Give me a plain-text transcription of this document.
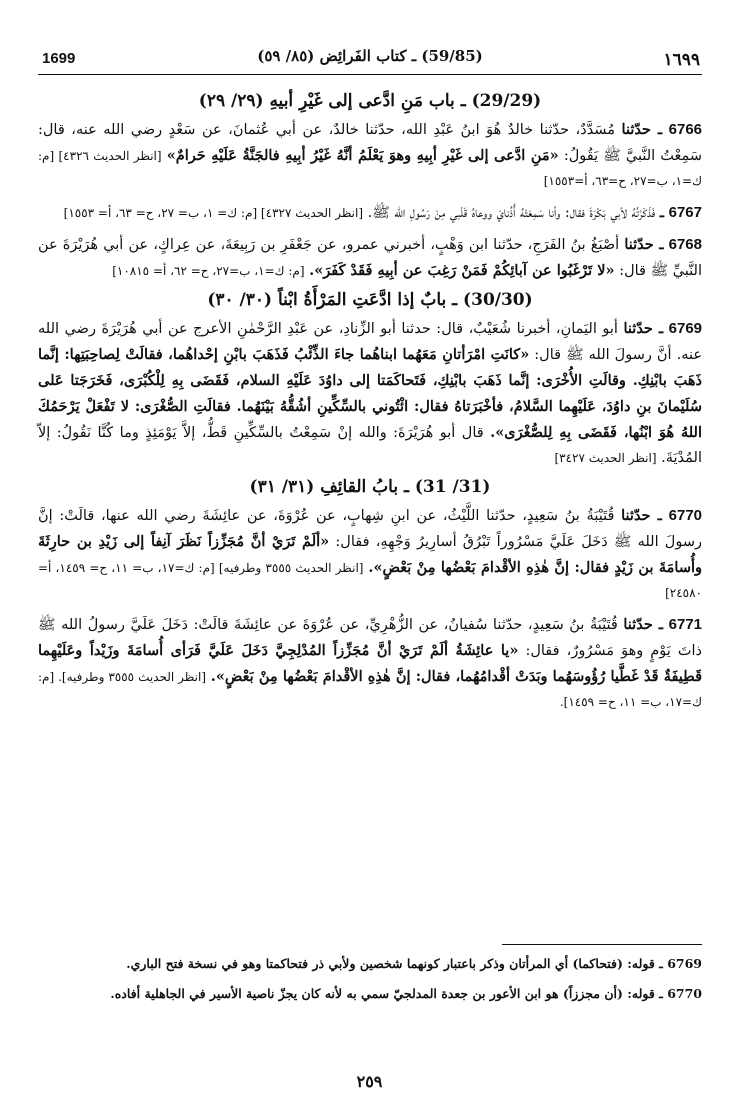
1699	(59/85) ـ كتاب الفَرائِض (٨٥/ ٥٩)	١٦٩٩
(29/29) ـ باب مَنِ ادَّعى إلى غَيْرِ أبيهِ (٢٩/ ٢٩)

6766 ـ حدّثنا مُسَدَّدٌ، حدّثنا خالدٌ هُوَ ابنُ عَبْدِ الله، حدّثنا خالدٌ، عن أبي عُثمانَ، عن سَعْدٍ رضي الله عنه، قال: سَمِعْتُ النَّبيَّ ﷺ يَقُولُ: «مَنِ ادَّعى إلى غَيْرِ أبِيهِ وهوَ يَعْلَمُ أنَّهُ غَيْرُ أبِيهِ فالجَنَّةُ عَلَيْهِ حَرامٌ» [انظر الحديث ٤٣٢٦] [م: ك=١، ب=٢٧، ح=٦٣، أ=١٥٥٣]

6767 ـ فَذَكَرْتُهُ لأبي بَكْرَةَ فقال: وأنا سَمِعَتْهُ أُذُنايَ ووعاهُ قَلْبي مِنْ رَسُولِ الله ﷺ. [انظر الحديث ٤٣٢٧] [م: ك= ١، ب= ٢٧، ح= ٦٣، أ= ١٥٥٣]

6768 ـ حدّثنا أصْبَغُ بنُ الفَرَجِ، حدّثنا ابن وَهْبٍ، أخبرني عمرو، عن جَعْفَرِ بن رَبِيعَةَ، عن عِراكٍ، عن أبي هُرَيْرَةَ عن النَّبيِّ ﷺ قال: «لا تَرْغَبُوا عن آبائِكُمْ فَمَنْ رَغِبَ عن أبِيهِ فَقَدْ كَفَرَ». [م: ك=١، ب=٢٧، ح= ٦٢، أ= ١٠٨١٥]

(30/30) ـ بابٌ إذا ادَّعَتِ المَرْأَةُ ابْناً (٣٠/ ٣٠)

6769 ـ حدّثنا أبو اليَمانِ، أخبرنا شُعَيْبٌ، قال: حدثنا أبو الزِّنادِ، عن عَبْدِ الرَّحْمٰنِ الأعرج عن أبي هُرَيْرَةَ رضي الله عنه. أنَّ رسولَ الله ﷺ قال: «كانَتِ امْرَأتانِ مَعَهُما ابناهُما جاءَ الذِّئْبُ فَذَهَبَ بابْنِ إحْداهُما، فقالَتْ لِصاحِبَتِها: إنَّما ذَهَبَ بابْنِكِ. وقالَتِ الأُخْرَى: إنَّما ذَهَبَ بابْنِكِ، فَتَحاكَمَتا إلى داوُدَ عَلَيْهِ السلام، فَقَضَى بِهِ لِلْكُبْرَى، فَخَرَجَتا عَلى سُلَيْمانَ بنِ داوُدَ، عَلَيْهِما السَّلامُ، فأخْبَرَتاهُ فقال: ائْتُوني بالسِّكِّينِ أشُقُّهُ بَيْنَهُما. فقالَتِ الصُّغْرَى: لا تَفْعَلْ يَرْحَمُكَ اللهُ هُوَ ابْنُها، فَقَضَى بِهِ لِلصُّغْرَى». قال أبو هُرَيْرَةَ: والله إنْ سَمِعْتُ بالسِّكِّينِ قَطُّ، إلاَّ يَوْمَئِذٍ وما كُنَّا نَقُولُ: إلاّ المُدْيَةَ. [انظر الحديث ٣٤٢٧]

(31/ 31) ـ بابُ القائِفِ (٣١/ ٣١)

6770 ـ حدّثنا قُتَيْبَةُ بنُ سَعِيدٍ، حدّثنا اللَّيْثُ، عن ابنِ شِهابٍ، عن عُرْوَةَ، عن عائِشَةَ رضي الله عنها، قالَتْ: إنَّ رسولَ الله ﷺ دَخَلَ عَلَيَّ مَسْرُوراً تَبْرُقُ أسارِيرُ وَجْهِهِ، فقال: «ألَمْ تَرَيْ أنَّ مُجَزِّزاً نَظَرَ آنِفاً إلى زَيْدِ بن حارِثَةَ وأُسامَةَ بن زَيْدٍ فقال: إنَّ هٰذِهِ الأقْدامَ بَعْضُها مِنْ بَعْضٍ». [انظر الحديث ٣٥٥٥ وطرفيه] [م: ك=١٧، ب= ١١، ح= ١٤٥٩، أ= ٢٤٥٨٠]

6771 ـ حدّثنا قُتَيْبَةُ بنُ سَعِيدٍ، حدّثنا سُفيانُ، عن الزُّهْرِيِّ، عن عُرْوَةَ عن عائِشَةَ قالَتْ: دَخَلَ عَلَيَّ رسولُ الله ﷺ ذاتَ يَوْمٍ وهوَ مَسْرُورٌ، فقال: «يا عائِشَةُ ألَمْ تَرَيْ أنَّ مُجَزِّزاً المُدْلِجِيَّ دَخَلَ عَلَيَّ فَرَأى أُسامَةَ وزَيْداً وعَلَيْهِما قَطِيفَةٌ قَدْ غَطَّيا رُؤُوسَهُما وبَدَتْ أقْدامُهُما، فقال: إنَّ هٰذِهِ الأقْدامَ بَعْضُها مِنْ بَعْضٍ». [انظر الحديث ٣٥٥٥ وطرفيه]. [م: ك=١٧، ب= ١١، ح= ١٤٥٩].

6769 ـ قوله: (فتحاكما) أي المرأتان وذكر باعتبار كونهما شخصين ولأبي ذر فتحاكمتا وهو في نسخة فتح الباري.

6770 ـ قوله: (أن مجززاً) هو ابن الأعور بن جعدة المدلجيّ سمي به لأنه كان يجزّ ناصية الأسير في الجاهلية أفاده.

٢٥٩
